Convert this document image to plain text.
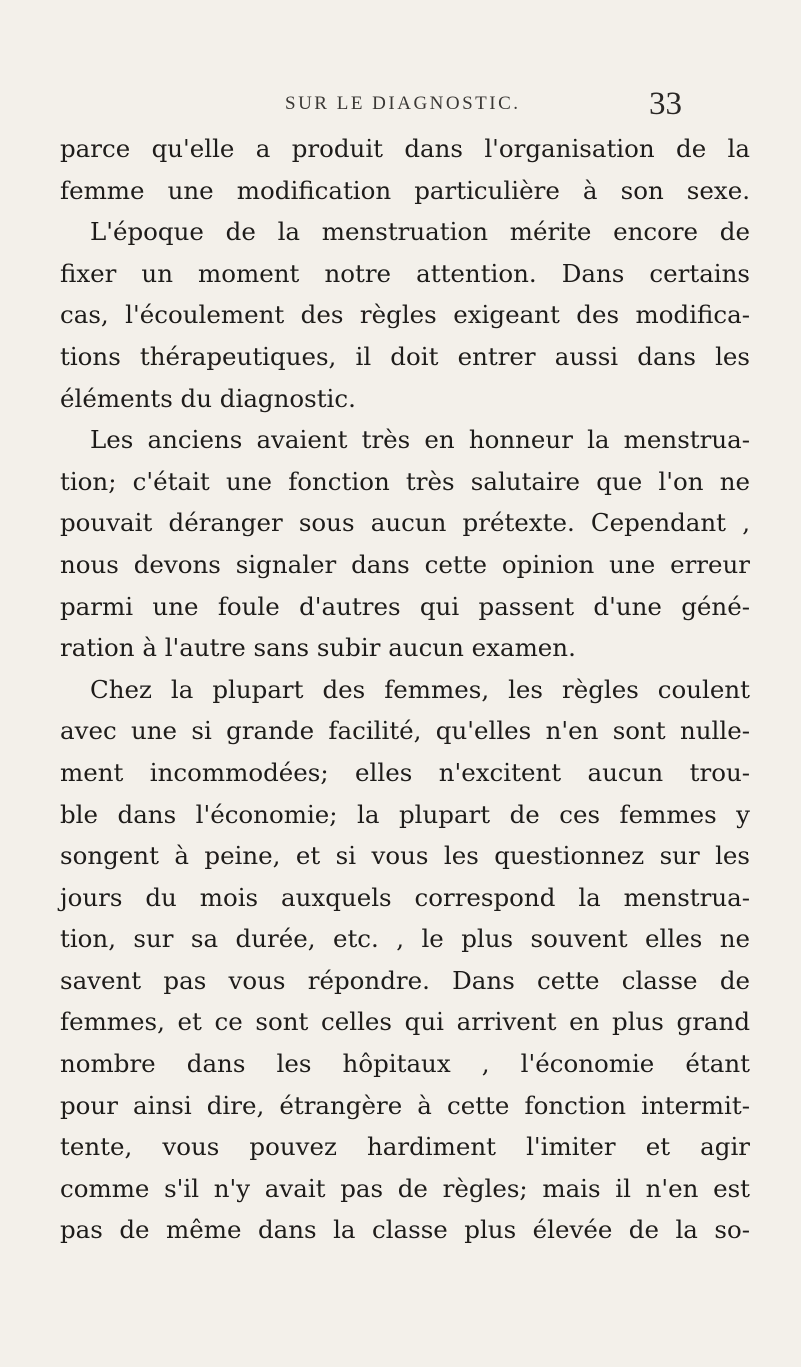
SUR LE DIAGNOSTIC.	33
parce qu'elle a produit dans l'organisation de la
femme une modification particulière à son sexe.
L'époque de la menstruation mérite encore de
fixer un moment notre attention. Dans certains
cas, l'écoulement des règles exigeant des modifica-
tions thérapeutiques, il doit entrer aussi dans les
éléments du diagnostic.
Les anciens avaient très en honneur la menstrua-
tion; c'était une fonction très salutaire que l'on ne
pouvait déranger sous aucun prétexte. Cependant ,
nous devons signaler dans cette opinion une erreur
parmi une foule d'autres qui passent d'une géné-
ration à l'autre sans subir aucun examen.
Chez la plupart des femmes, les règles coulent
avec une si grande facilité, qu'elles n'en sont nulle-
ment incommodées; elles n'excitent aucun trou-
ble dans l'économie; la plupart de ces femmes y
songent à peine, et si vous les questionnez sur les
jours du mois auxquels correspond la menstrua-
tion, sur sa durée, etc. , le plus souvent elles ne
savent pas vous répondre. Dans cette classe de
femmes, et ce sont celles qui arrivent en plus grand
nombre dans les hôpitaux , l'économie étant
pour ainsi dire, étrangère à cette fonction intermit-
tente, vous pouvez hardiment l'imiter et agir
comme s'il n'y avait pas de règles; mais il n'en est
pas de même dans la classe plus élevée de la so-
